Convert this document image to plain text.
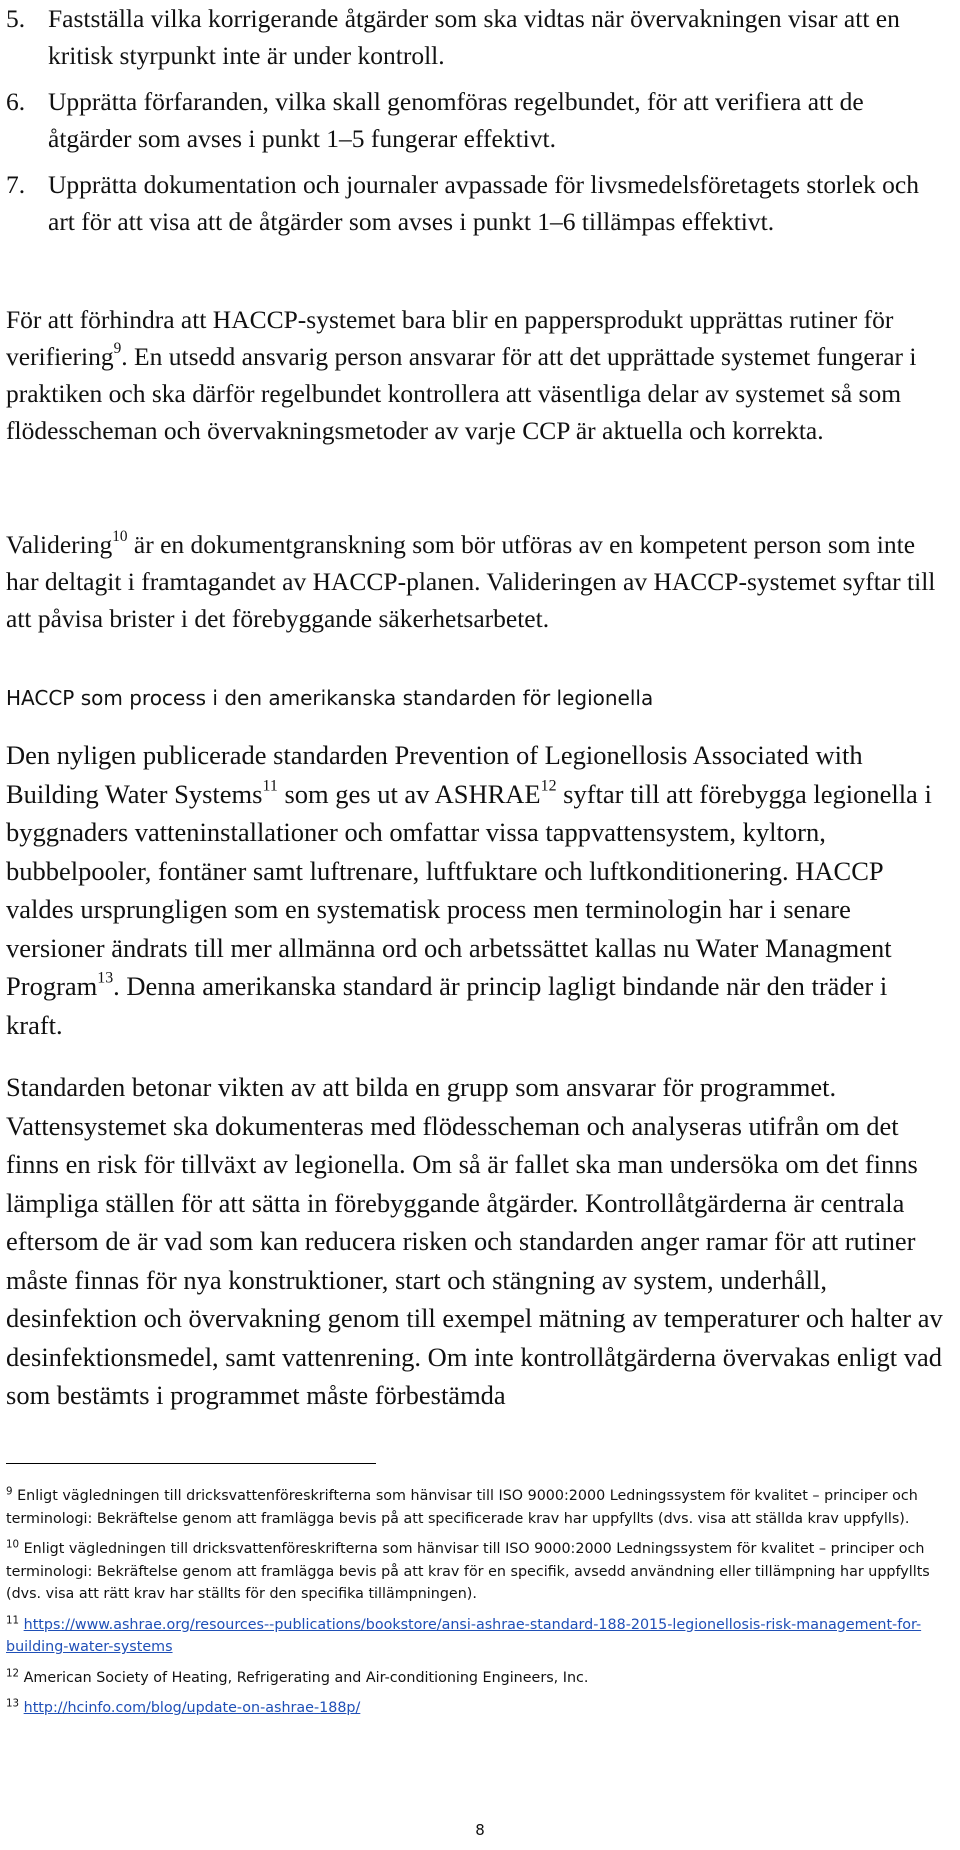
5. Fastställa vilka korrigerande åtgärder som ska vidtas när övervakningen visar att en kritisk styrpunkt inte är under kontroll.

6. Upprätta förfaranden, vilka skall genomföras regelbundet, för att verifiera att de åtgärder som avses i punkt 1–5 fungerar effektivt.

7. Upprätta dokumentation och journaler avpassade för livsmedelsföretagets storlek och art för att visa att de åtgärder som avses i punkt 1–6 tillämpas effektivt.

För att förhindra att HACCP-systemet bara blir en pappersprodukt upprättas rutiner för verifiering$^9$. En utsedd ansvarig person ansvarar för att det upprättade systemet fungerar i praktiken och ska därför regelbundet kontrollera att väsentliga delar av systemet så som flödesscheman och övervakningsmetoder av varje CCP är aktuella och korrekta.

Validering$^{10}$ är en dokumentgranskning som bör utföras av en kompetent person som inte har deltagit i framtagandet av HACCP-planen. Valideringen av HACCP-systemet syftar till att påvisa brister i det förebyggande säkerhetsarbetet.

HACCP som process i den amerikanska standarden för legionella

Den nyligen publicerade standarden Prevention of Legionellosis Associated with Building Water Systems$^{11}$ som ges ut av ASHRAE$^{12}$ syftar till att förebygga legionella i byggnaders vatteninstallationer och omfattar vissa tappvattensystem, kyltorn, bubbelpooler, fontäner samt luftrenare, luftfuktare och luftkonditionering. HACCP valdes ursprungligen som en systematisk process men terminologin har i senare versioner ändrats till mer allmänna ord och arbetssättet kallas nu Water Managment Program$^{13}$. Denna amerikanska standard är princip lagligt bindande när den träder i kraft.

Standarden betonar vikten av att bilda en grupp som ansvarar för programmet. Vattensystemet ska dokumenteras med flödesscheman och analyseras utifrån om det finns en risk för tillväxt av legionella. Om så är fallet ska man undersöka om det finns lämpliga ställen för att sätta in förebyggande åtgärder. Kontrollåtgärderna är centrala eftersom de är vad som kan reducera risken och standarden anger ramar för att rutiner måste finnas för nya konstruktioner, start och stängning av system, underhåll, desinfektion och övervakning genom till exempel mätning av temperaturer och halter av desinfektionsmedel, samt vattenrening. Om inte kontrollåtgärderna övervakas enligt vad som bestämts i programmet måste förbestämda

$^9$ Enligt vägledningen till dricksvattenföreskrifterna som hänvisar till ISO 9000:2000 Ledningssystem för kvalitet – principer och terminologi: Bekräftelse genom att framlägga bevis på att specificerade krav har uppfyllts (dvs. visa att ställda krav uppfylls).
$^{10}$ Enligt vägledningen till dricksvattenföreskrifterna som hänvisar till ISO 9000:2000 Ledningssystem för kvalitet – principer och terminologi: Bekräftelse genom att framlägga bevis på att krav för en specifik, avsedd användning eller tillämpning har uppfyllts (dvs. visa att rätt krav har ställts för den specifika tillämpningen).
$^{11}$ https://www.ashrae.org/resources--publications/bookstore/ansi-ashrae-standard-188-2015-legionellosis-risk-management-for-building-water-systems
$^{12}$ American Society of Heating, Refrigerating and Air-conditioning Engineers, Inc.
$^{13}$ http://hcinfo.com/blog/update-on-ashrae-188p/
8
